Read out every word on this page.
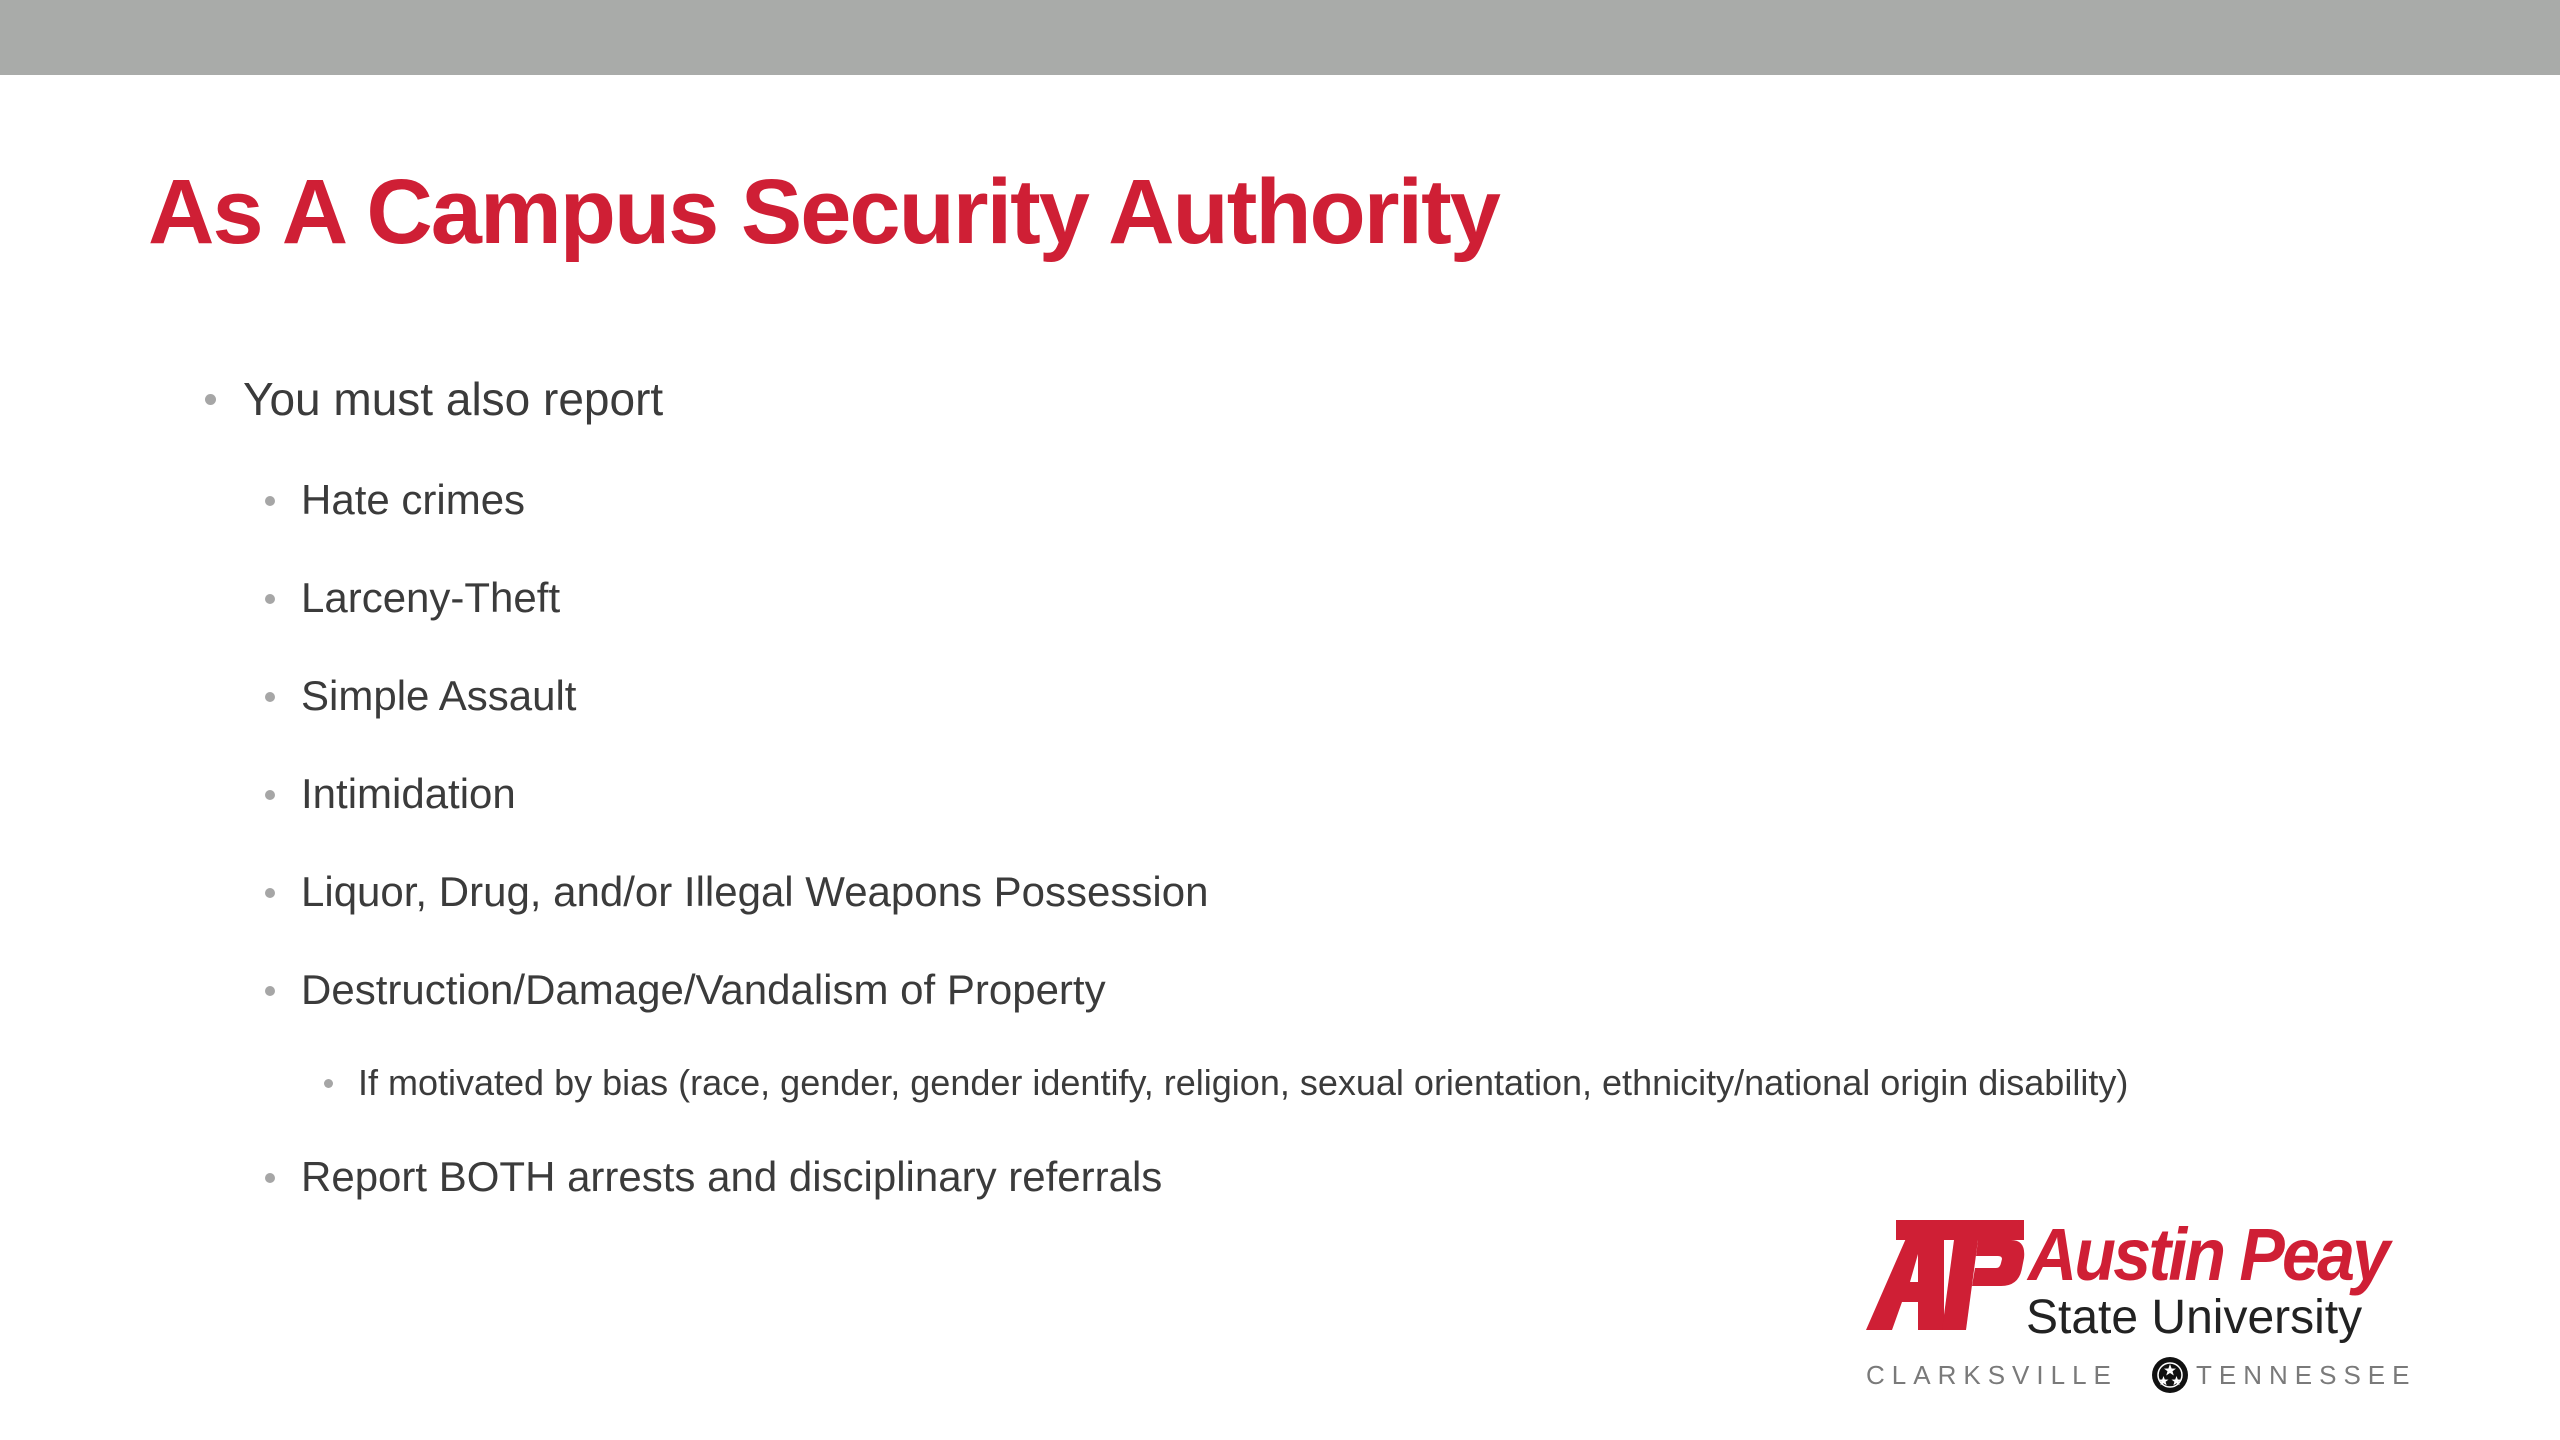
As A Campus Security Authority
You must also report
Hate crimes
Larceny-Theft
Simple Assault
Intimidation
Liquor, Drug, and/or Illegal Weapons Possession
Destruction/Damage/Vandalism of Property
If motivated by bias (race, gender, gender identify, religion, sexual orientation, ethnicity/national origin disability)
Report BOTH arrests and disciplinary referrals
Austin Peay
State University
CLARKSVILLE	TENNESSEE
